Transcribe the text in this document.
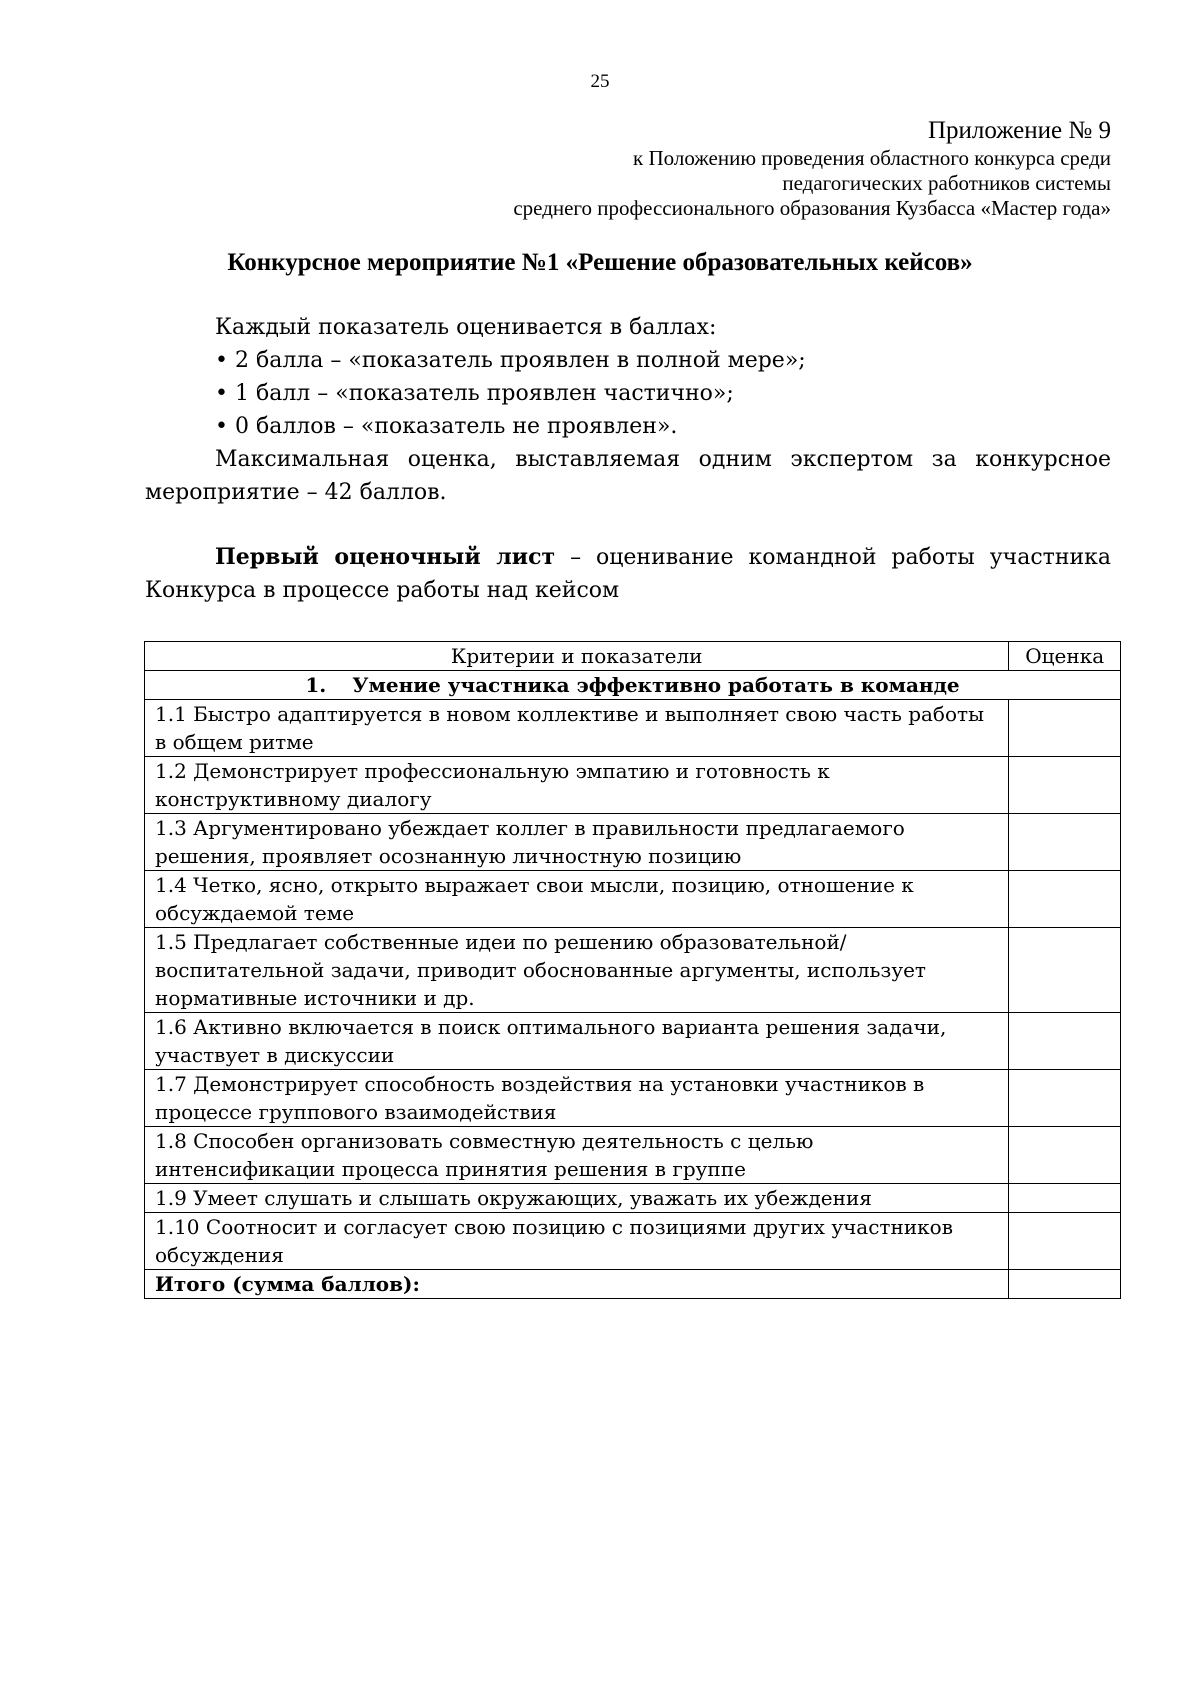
25
Приложение № 9
к Положению проведения областного конкурса среди
педагогических работников системы
среднего профессионального образования Кузбасса «Мастер года»
Конкурсное мероприятие №1 «Решение образовательных кейсов»

Каждый показатель оценивается в баллах:

• 2 балла – «показатель проявлен в полной мере»;

• 1 балл – «показатель проявлен частично»;

• 0 баллов – «показатель не проявлен».

Максимальная оценка, выставляемая одним экспертом за конкурсное мероприятие – 42 баллов.

Первый оценочный лист – оценивание командной работы участника Конкурса в процессе работы над кейсом

Критерии и показатели	Оценка
1. Умение участника эффективно работать в команде	
1.1 Быстро адаптируется в новом коллективе и выполняет свою часть работы в общем ритме	
1.2 Демонстрирует профессиональную эмпатию и готовность к конструктивному диалогу	
1.3 Аргументировано убеждает коллег в правильности предлагаемого решения, проявляет осознанную личностную позицию	
1.4 Четко, ясно, открыто выражает свои мысли, позицию, отношение к обсуждаемой теме	
1.5 Предлагает собственные идеи по решению образовательной/воспитательной задачи, приводит обоснованные аргументы, использует нормативные источники и др.	
1.6 Активно включается в поиск оптимального варианта решения задачи, участвует в дискуссии	
1.7 Демонстрирует способность воздействия на установки участников в процессе группового взаимодействия	
1.8 Способен организовать совместную деятельность с целью интенсификации процесса принятия решения в группе	
1.9 Умеет слушать и слышать окружающих, уважать их убеждения	
1.10 Соотносит и согласует свою позицию с позициями других участников обсуждения	
Итого (сумма баллов):	
